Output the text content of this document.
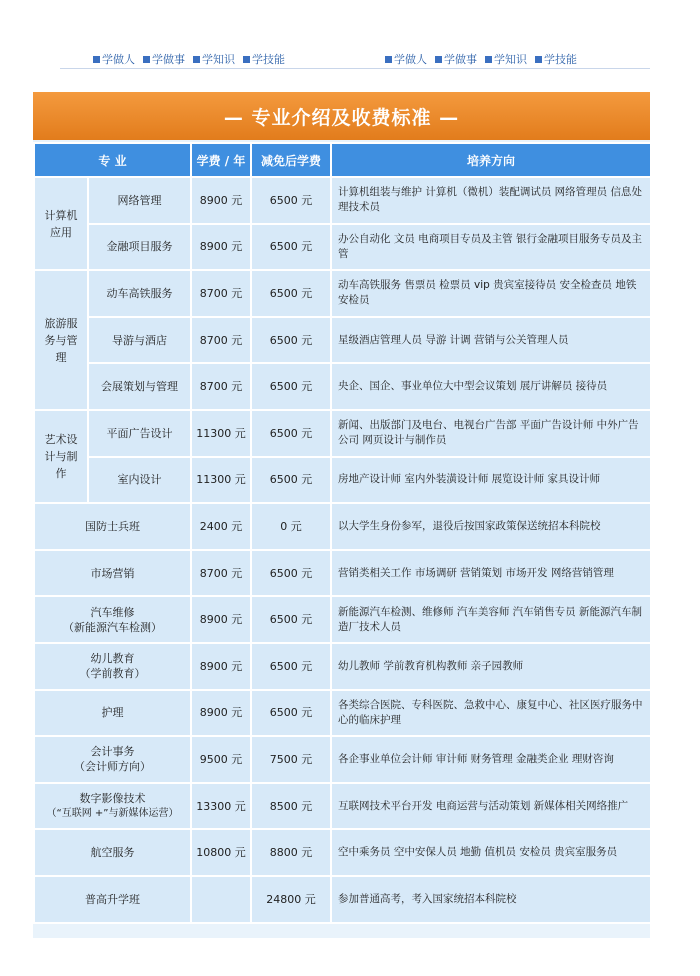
学做人 学做事 学知识 学技能	学做人 学做事 学知识 学技能
— 专业介绍及收费标准 —
专 业		学费 / 年	减免后学费	培养方向
计算机应用	网络管理	8900 元	6500 元	计算机组装与维护 计算机（微机）装配调试员 网络管理员 信息处理技术员
	金融项目服务	8900 元	6500 元	办公自动化 文员 电商项目专员及主管 银行金融项目服务专员及主管
旅游服务与管理	动车高铁服务	8700 元	6500 元	动车高铁服务 售票员 检票员 vip 贵宾室接待员 安全检查员 地铁安检员
	导游与酒店	8700 元	6500 元	星级酒店管理人员 导游 计调 营销与公关管理人员
	会展策划与管理	8700 元	6500 元	央企、国企、事业单位大中型会议策划 展厅讲解员 接待员
艺术设计与制作	平面广告设计	11300 元	6500 元	新闻、出版部门及电台、电视台广告部 平面广告设计师 中外广告公司 网页设计与制作员
	室内设计	11300 元	6500 元	房地产设计师 室内外装潢设计师 展览设计师 家具设计师
国防士兵班		2400 元	0 元	以大学生身份参军，退役后按国家政策保送统招本科院校
市场营销		8700 元	6500 元	营销类相关工作 市场调研 营销策划 市场开发 网络营销管理

汽车维修
（新能源汽车检测）		8900 元	6500 元	新能源汽车检测、维修师 汽车美容师 汽车销售专员 新能源汽车制造厂技术人员

幼儿教育
（学前教育）		8900 元	6500 元	幼儿教师 学前教育机构教师 亲子园教师
护理		8900 元	6500 元	各类综合医院、专科医院、急救中心、康复中心、社区医疗服务中心的临床护理

会计事务
（会计师方向）		9500 元	7500 元	各企事业单位会计师 审计师 财务管理 金融类企业 理财咨询

数字影像技术
（“互联网 +”与新媒体运营）		13300 元	8500 元	互联网技术平台开发 电商运营与活动策划 新媒体相关网络推广
航空服务		10800 元	8800 元	空中乘务员 空中安保人员 地勤 值机员 安检员 贵宾室服务员
普高升学班			24800 元	参加普通高考，考入国家统招本科院校
